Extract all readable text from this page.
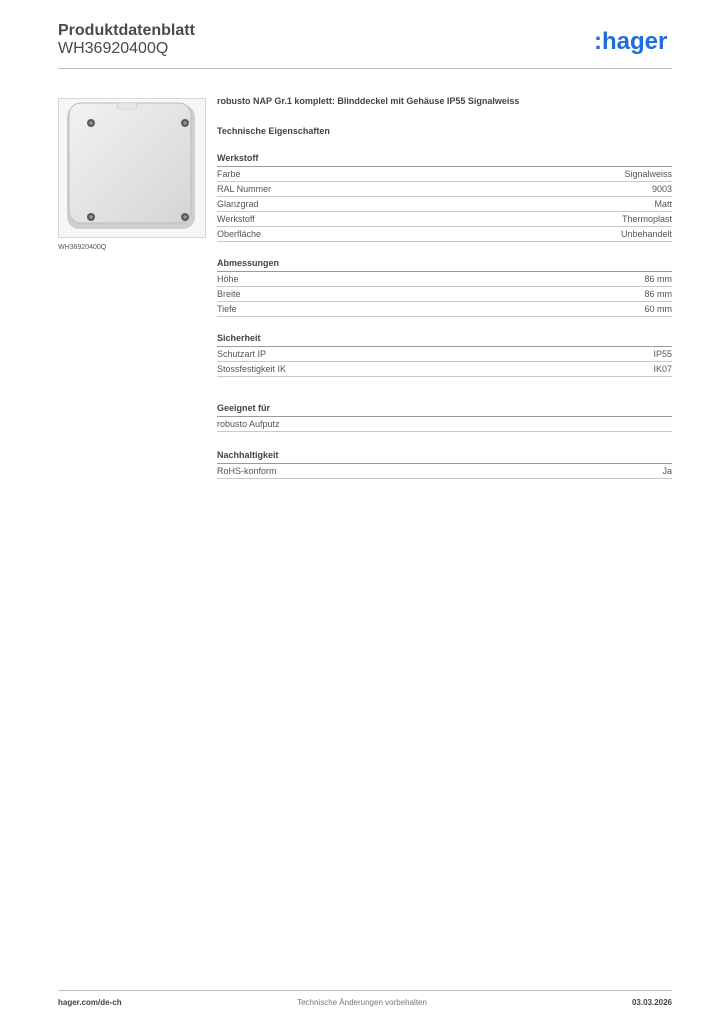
Produktdatenblatt
WH36920400Q	:hager
WH36920400Q

robusto NAP Gr.1 komplett: Blinddeckel mit Gehäuse IP55 Signalweiss

Technische Eigenschaften

Werkstoff
Farbe	Signalweiss
RAL Nummer	9003
Glanzgrad	Matt
Werkstoff	Thermoplast
Oberfläche	Unbehandelt
Abmessungen
Höhe	86 mm
Breite	86 mm
Tiefe	60 mm
Sicherheit
Schutzart IP	IP55
Stossfestigkeit IK	IK07
Geeignet für
robusto Aufputz
Nachhaltigkeit
RoHS-konform	Ja
hager.com/de-ch	Technische Änderungen vorbehalten	03.03.2026
